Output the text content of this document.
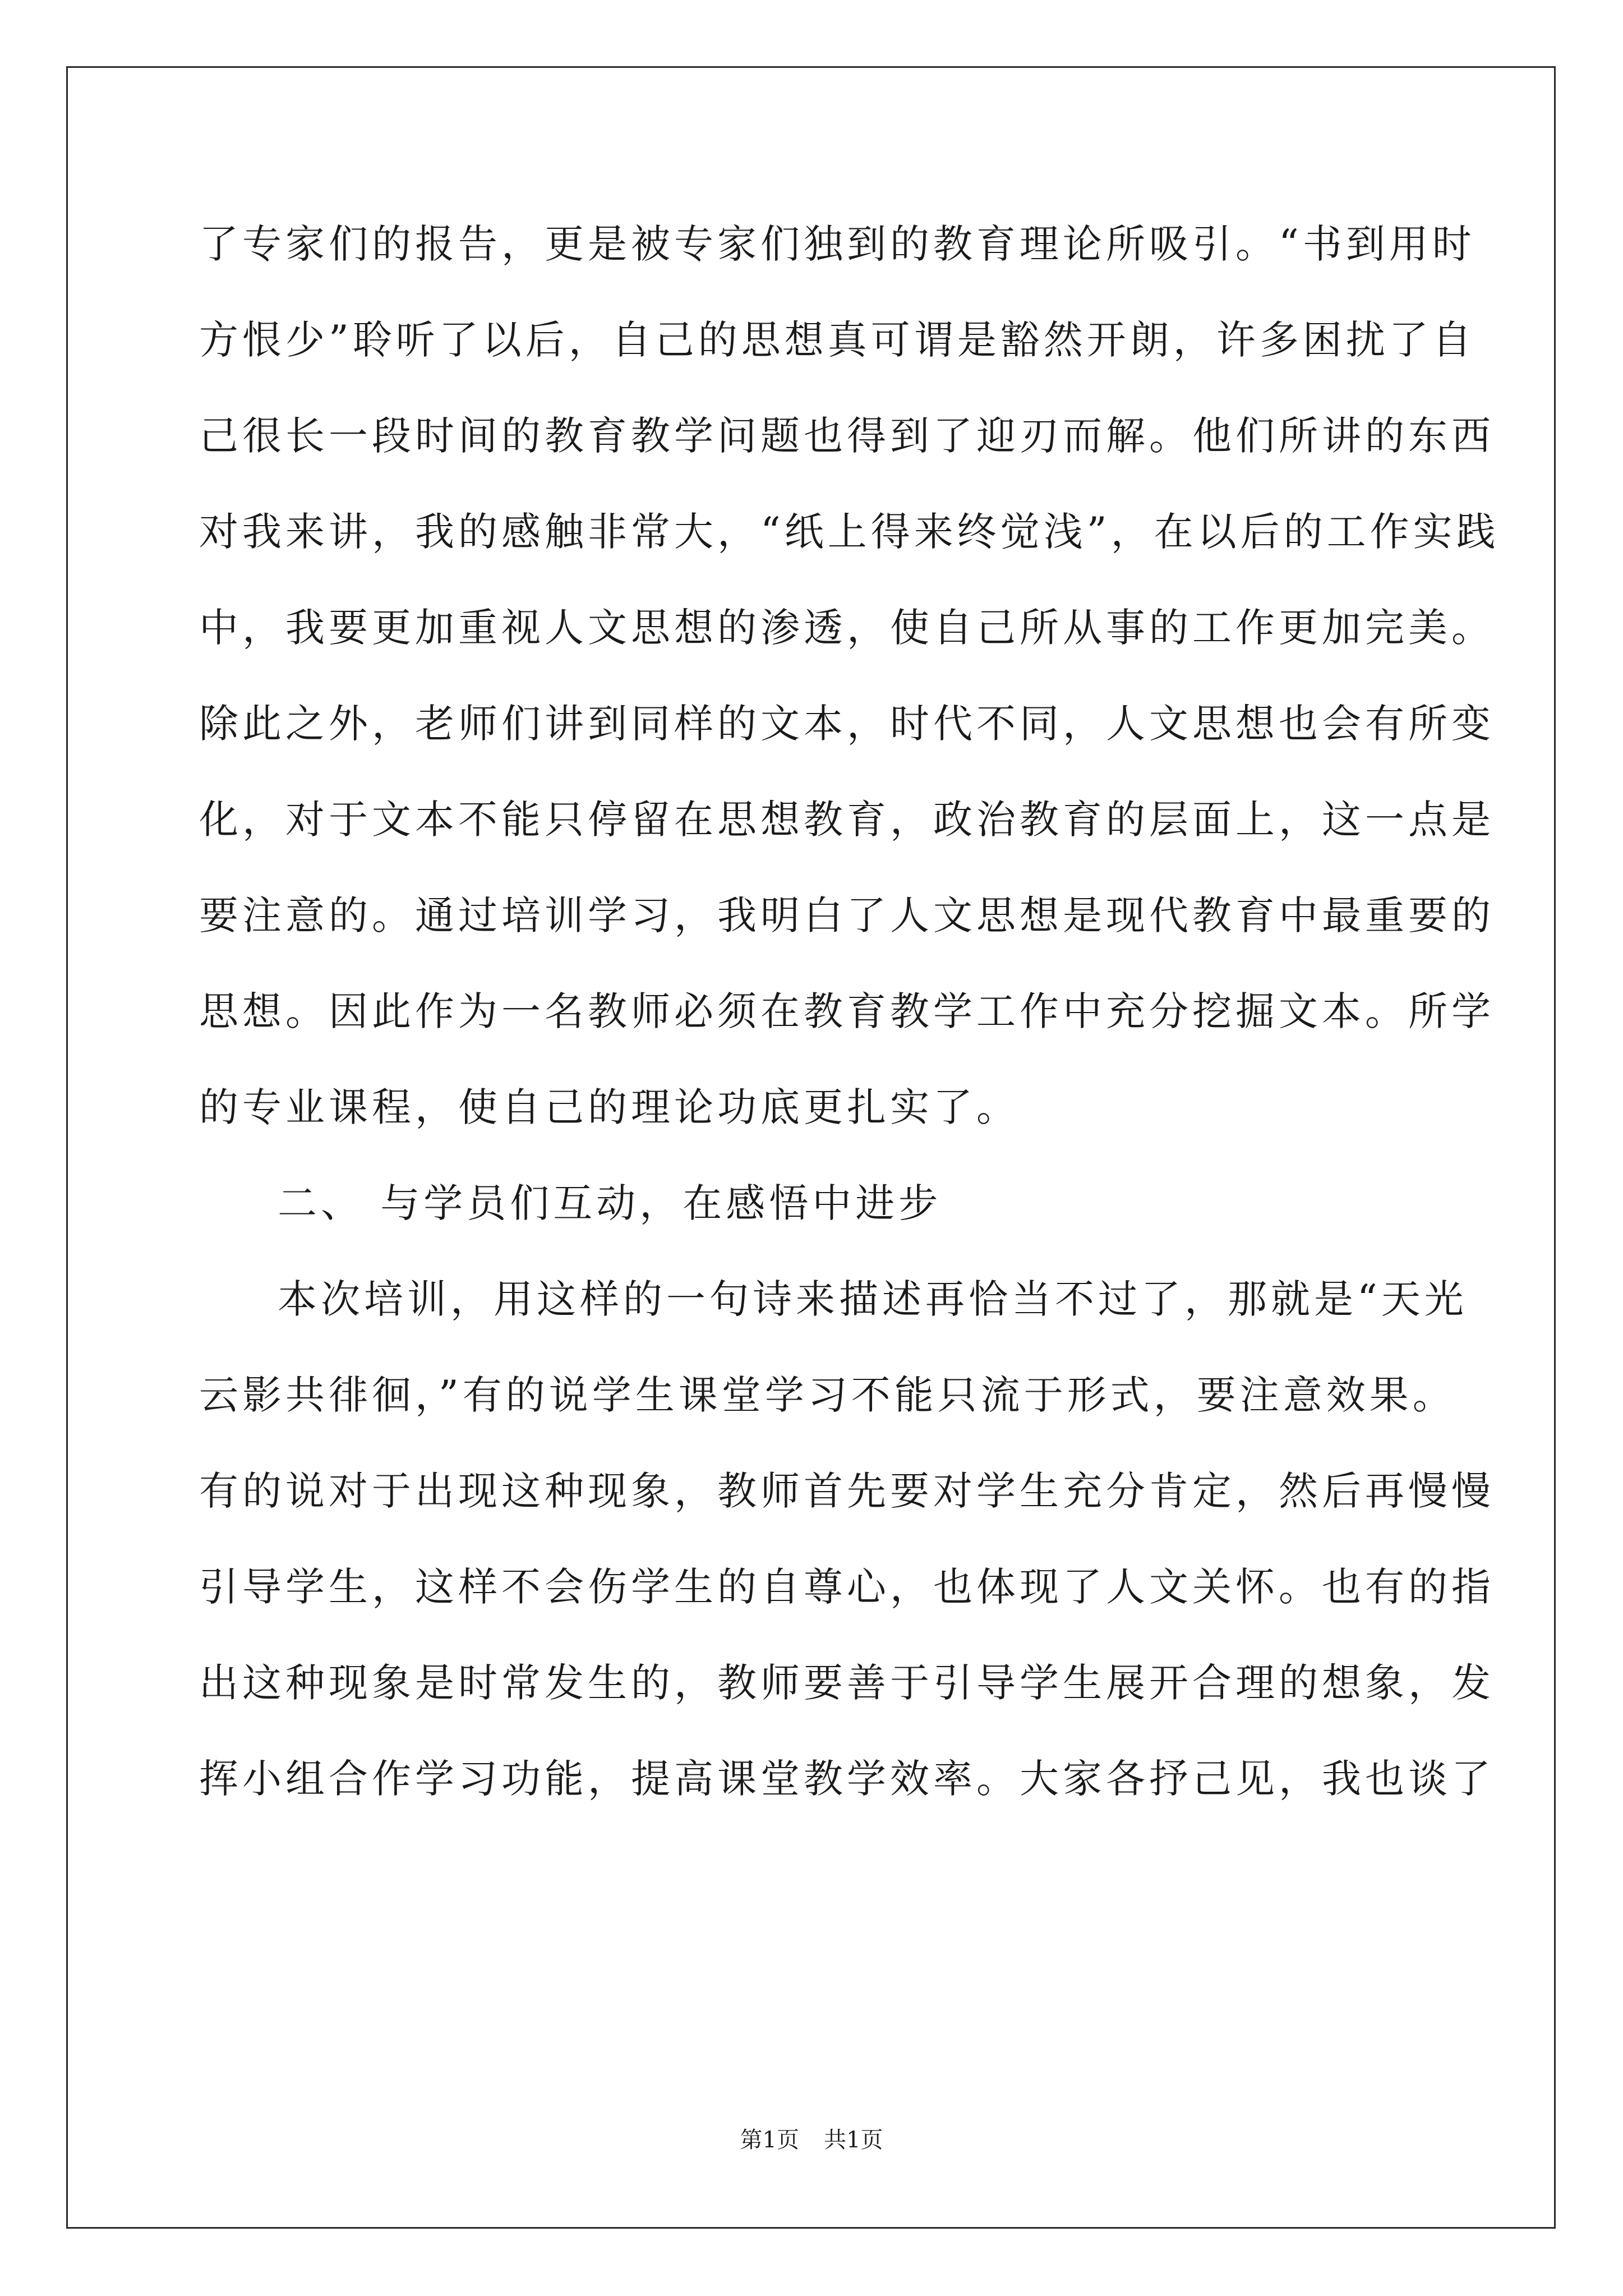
了专家们的报告，更是被专家们独到的教育理论所吸引。“书到用时
方恨少”聆听了以后，自己的思想真可谓是豁然开朗，许多困扰了自
己很长一段时间的教育教学问题也得到了迎刃而解。他们所讲的东西
对我来讲，我的感触非常大，“纸上得来终觉浅”，在以后的工作实践
中，我要更加重视人文思想的渗透，使自己所从事的工作更加完美。
除此之外，老师们讲到同样的文本，时代不同，人文思想也会有所变
化，对于文本不能只停留在思想教育，政治教育的层面上，这一点是
要注意的。通过培训学习，我明白了人文思想是现代教育中最重要的
思想。因此作为一名教师必须在教育教学工作中充分挖掘文本。所学
的专业课程，使自己的理论功底更扎实了。
二、 与学员们互动，在感悟中进步
本次培训，用这样的一句诗来描述再恰当不过了，那就是“天光
云影共徘徊，”有的说学生课堂学习不能只流于形式，要注意效果。
有的说对于出现这种现象，教师首先要对学生充分肯定，然后再慢慢
引导学生，这样不会伤学生的自尊心，也体现了人文关怀。也有的指
出这种现象是时常发生的，教师要善于引导学生展开合理的想象，发
挥小组合作学习功能，提高课堂教学效率。大家各抒己见，我也谈了
第1页 共1页
